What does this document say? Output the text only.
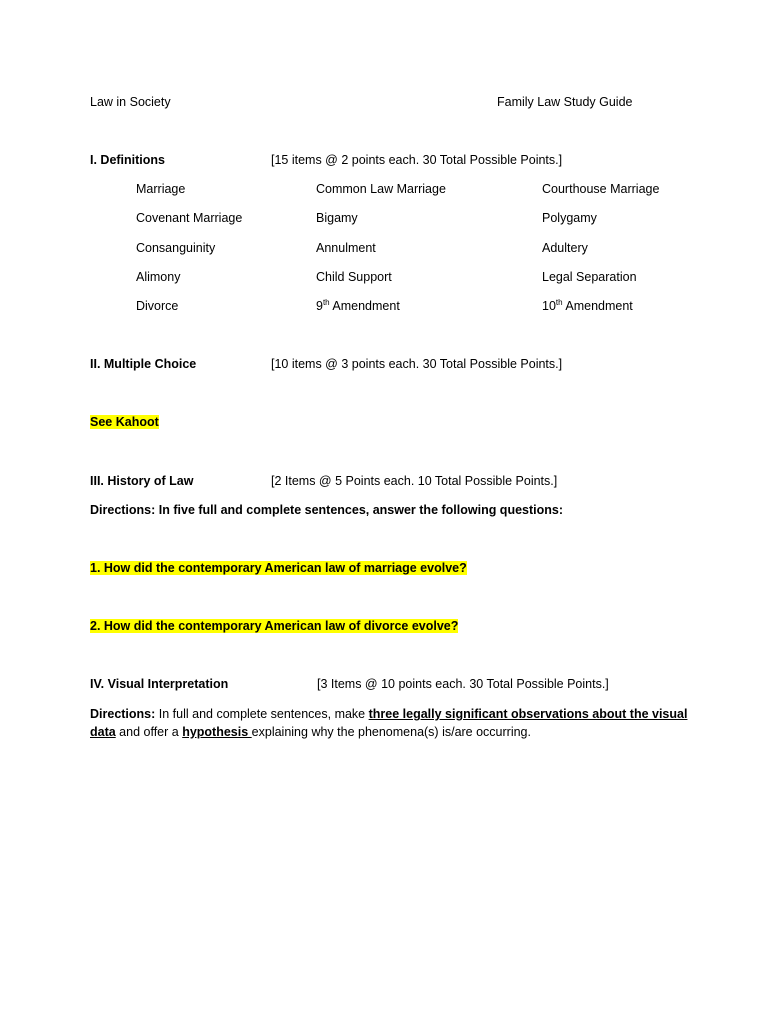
Law in Society	Family Law Study Guide
I. Definitions	[15 items @ 2 points each. 30 Total Possible Points.]
Marriage	Common Law Marriage	Courthouse Marriage
Covenant Marriage	Bigamy	Polygamy
Consanguinity	Annulment	Adultery
Alimony	Child Support	Legal Separation
Divorce	9th Amendment	10th Amendment
II. Multiple Choice	[10 items @ 3 points each. 30 Total Possible Points.]
See Kahoot
III. History of Law	[2 Items @ 5 Points each. 10 Total Possible Points.]
Directions: In five full and complete sentences, answer the following questions:
1. How did the contemporary American law of marriage evolve?
2. How did the contemporary American law of divorce evolve?
IV. Visual Interpretation	[3 Items @ 10 points each. 30 Total Possible Points.]
Directions: In full and complete sentences, make three legally significant observations about the visual
data and offer a hypothesis explaining why the phenomena(s) is/are occurring.
